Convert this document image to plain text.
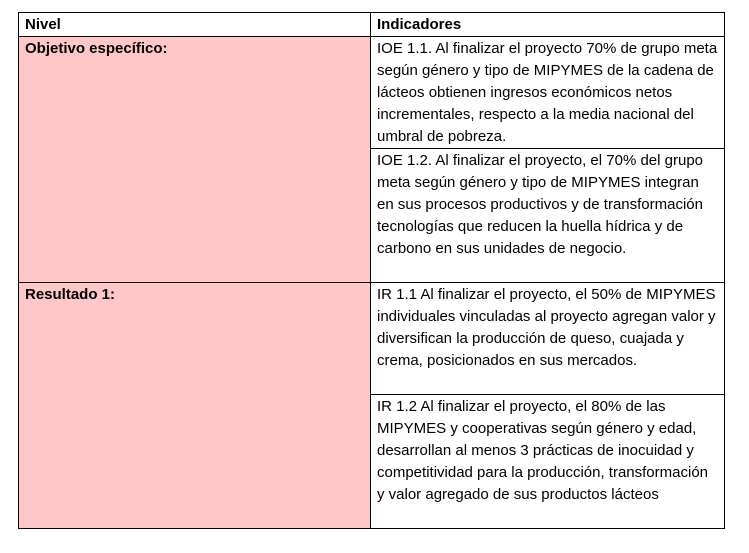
Nivel	Indicadores
Objetivo específico:	IOE 1.1. Al finalizar el proyecto 70% de grupo meta según género y tipo de MIPYMES de la cadena de lácteos obtienen ingresos económicos netos incrementales, respecto a la media nacional del umbral de pobreza.
	IOE 1.2. Al finalizar el proyecto, el 70% del grupo meta según género y tipo de MIPYMES integran en sus procesos productivos y de transformación tecnologías que reducen la huella hídrica y de carbono en sus unidades de negocio.
Resultado 1:	IR 1.1 Al finalizar el proyecto, el 50% de MIPYMES individuales vinculadas al proyecto agregan valor y diversifican la producción de queso, cuajada y crema, posicionados en sus mercados.
	IR 1.2 Al finalizar el proyecto, el 80% de las MIPYMES y cooperativas según género y edad, desarrollan al menos 3 prácticas de inocuidad y competitividad para la producción, transformación y valor agregado de sus productos lácteos
